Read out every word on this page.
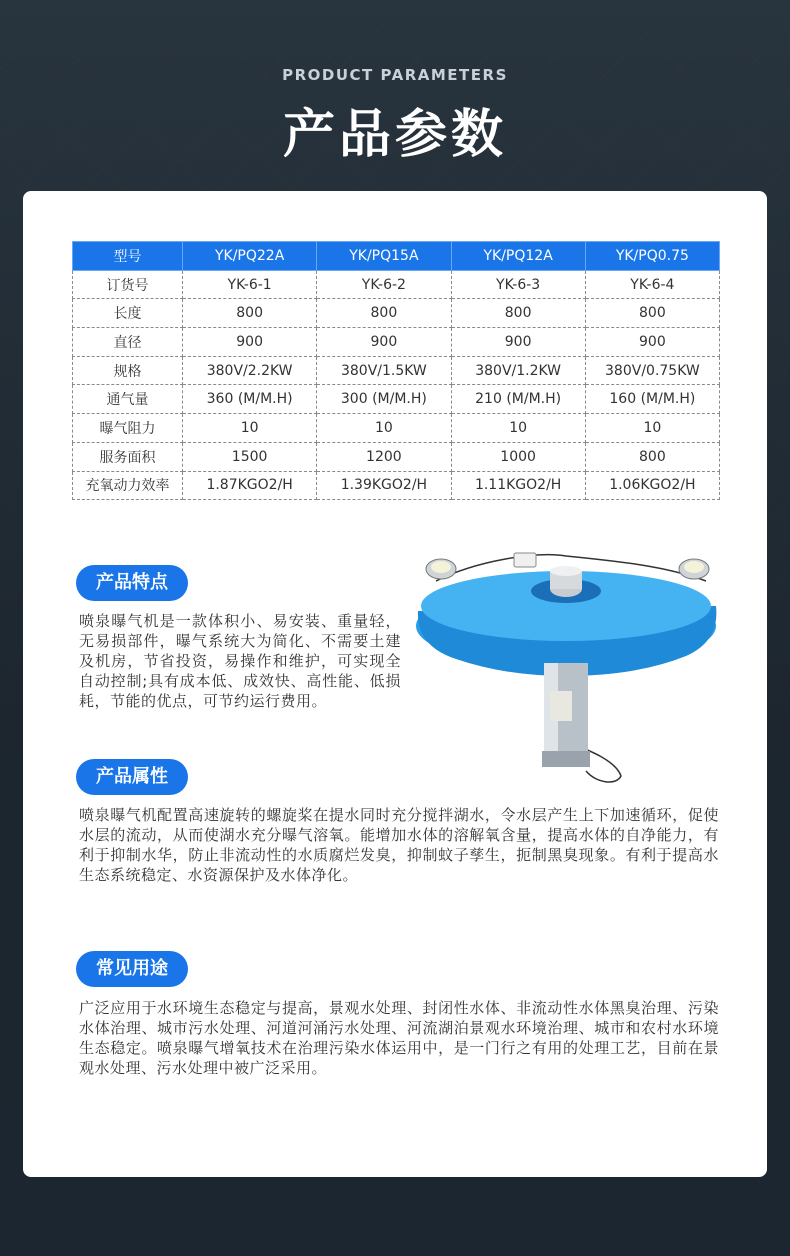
PRODUCT PARAMETERS
产品参数
型号	YK/PQ22A	YK/PQ15A	YK/PQ12A	YK/PQ0.75
订货号	YK-6-1	YK-6-2	YK-6-3	YK-6-4
长度	800	800	800	800
直径	900	900	900	900
规格	380V/2.2KW	380V/1.5KW	380V/1.2KW	380V/0.75KW
通气量	360 (M/M.H)	300 (M/M.H)	210 (M/M.H)	160 (M/M.H)
曝气阻力	10	10	10	10
服务面积	1500	1200	1000	800
充氧动力效率	1.87KGO2/H	1.39KGO2/H	1.11KGO2/H	1.06KGO2/H
产品特点
喷泉曝气机是一款体积小、易安装、重量轻，无易损部件，曝气系统大为简化、不需要土建及机房，节省投资，易操作和维护，可实现全自动控制;具有成本低、成效快、高性能、低损耗，节能的优点，可节约运行费用。
产品属性
喷泉曝气机配置高速旋转的螺旋桨在提水同时充分搅拌湖水，令水层产生上下加速循环，促使水层的流动，从而使湖水充分曝气溶氧。能增加水体的溶解氧含量，提高水体的自净能力，有利于抑制水华，防止非流动性的水质腐烂发臭，抑制蚊子孳生，扼制黑臭现象。有利于提高水生态系统稳定、水资源保护及水体净化。
常见用途
广泛应用于水环境生态稳定与提高，景观水处理、封闭性水体、非流动性水体黑臭治理、污染水体治理、城市污水处理、河道河涌污水处理、河流湖泊景观水环境治理、城市和农村水环境生态稳定。喷泉曝气增氧技术在治理污染水体运用中，是一门行之有用的处理工艺，目前在景观水处理、污水处理中被广泛采用。
